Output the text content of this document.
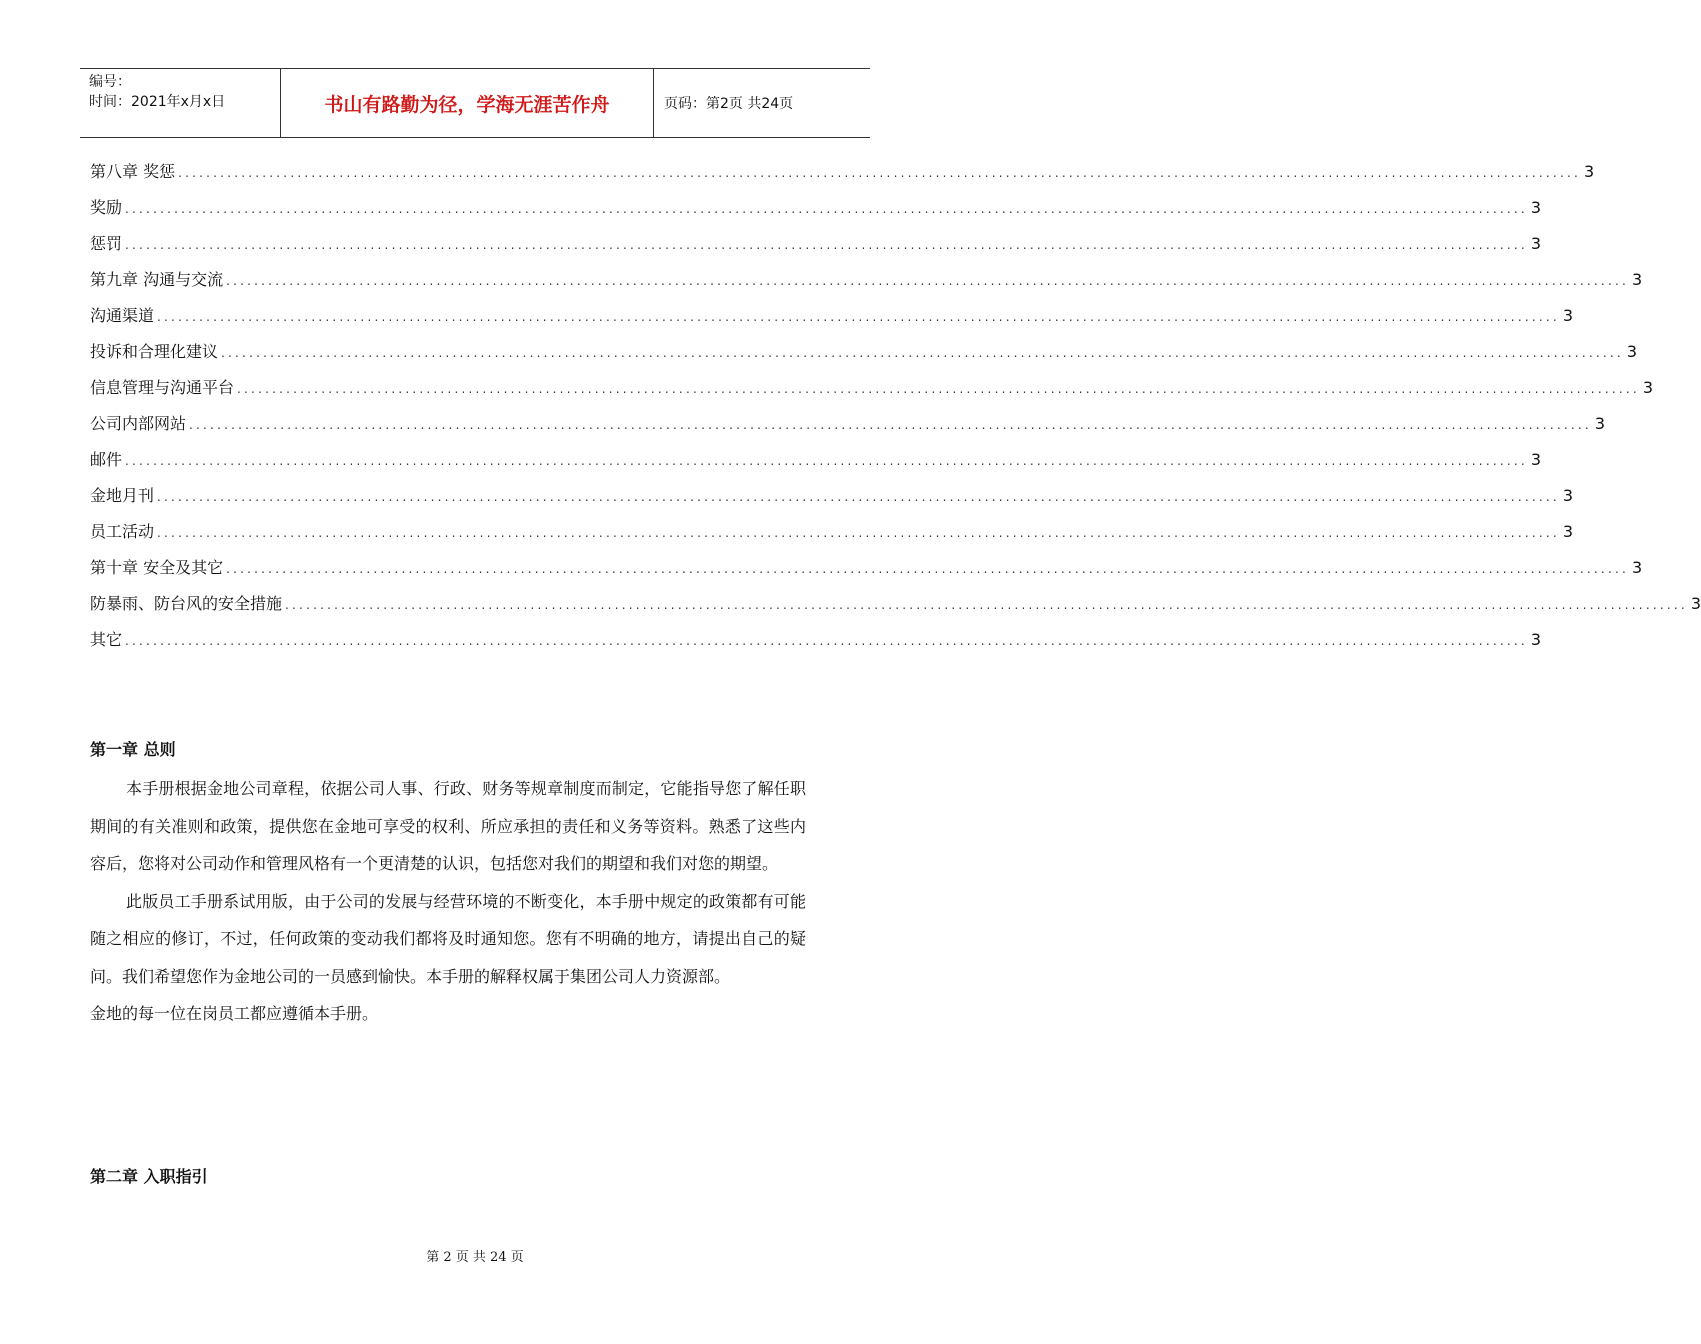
编号：
时间：2021年x月x日	书山有路勤为径，学海无涯苦作舟	页码：第2页 共24页
第八章 奖惩 ........................................................................................................................................................................................................ 3
奖励 ........................................................................................................................................................................................................ 3
惩罚 ........................................................................................................................................................................................................ 3
第九章 沟通与交流 ........................................................................................................................................................................................................ 3
沟通渠道 ........................................................................................................................................................................................................ 3
投诉和合理化建议 ........................................................................................................................................................................................................ 3
信息管理与沟通平台 ........................................................................................................................................................................................................ 3
公司内部网站 ........................................................................................................................................................................................................ 3
邮件 ........................................................................................................................................................................................................ 3
金地月刊 ........................................................................................................................................................................................................ 3
员工活动 ........................................................................................................................................................................................................ 3
第十章 安全及其它 ........................................................................................................................................................................................................ 3
防暴雨、防台风的安全措施 ........................................................................................................................................................................................................ 3
其它 ........................................................................................................................................................................................................ 3
第一章 总则

本手册根据金地公司章程，依据公司人事、行政、财务等规章制度而制定，它能指导您了解任职期间的有关准则和政策，提供您在金地可享受的权利、所应承担的责任和义务等资料。熟悉了这些内容后，您将对公司动作和管理风格有一个更清楚的认识，包括您对我们的期望和我们对您的期望。

此版员工手册系试用版，由于公司的发展与经营环境的不断变化，本手册中规定的政策都有可能随之相应的修订，不过，任何政策的变动我们都将及时通知您。您有不明确的地方，请提出自己的疑问。我们希望您作为金地公司的一员感到愉快。本手册的解释权属于集团公司人力资源部。

金地的每一位在岗员工都应遵循本手册。

第二章 入职指引
第 2 页 共 24 页
